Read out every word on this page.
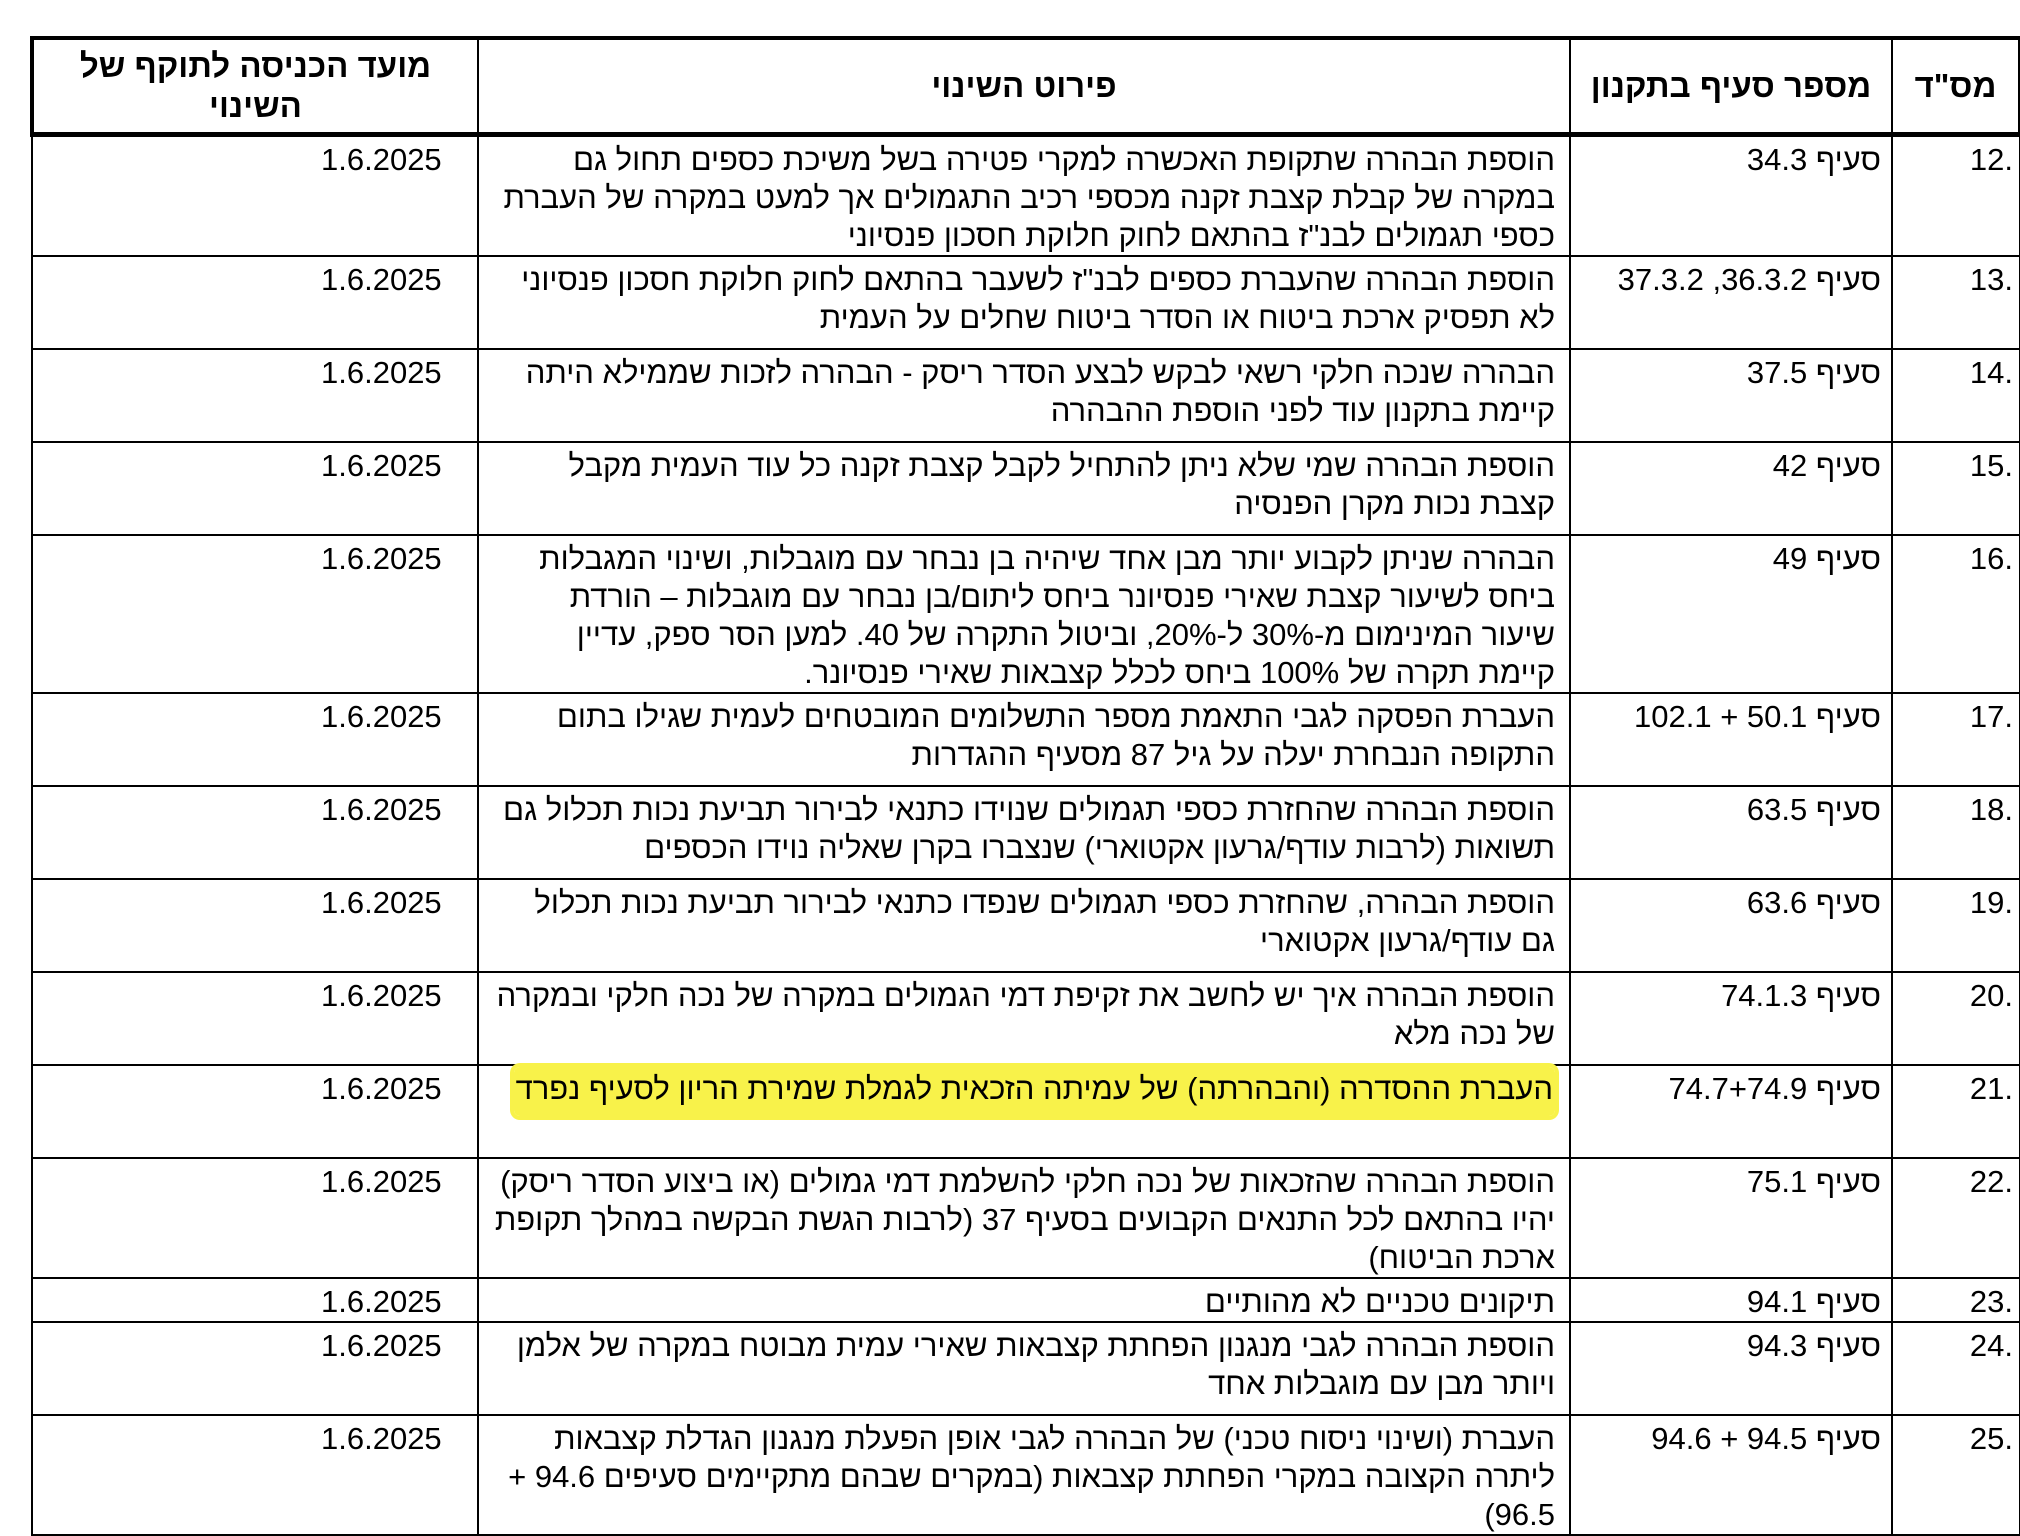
מס"ד	מספר סעיף בתקנון	פירוט השינוי	מועד הכניסה לתוקף של השינוי
12.	סעיף 34.3	הוספת הבהרה שתקופת האכשרה למקרי פטירה בשל משיכת כספים תחול גם במקרה של קבלת קצבת זקנה מכספי רכיב התגמולים אך למעט במקרה של העברת כספי תגמולים לבנ"ז בהתאם לחוק חלוקת חסכון פנסיוני	1.6.2025
13.	סעיף 36.3.2, 37.3.2	הוספת הבהרה שהעברת כספים לבנ"ז לשעבר בהתאם לחוק חלוקת חסכון פנסיוני לא תפסיק ארכת ביטוח או הסדר ביטוח שחלים על העמית	1.6.2025
14.	סעיף 37.5	הבהרה שנכה חלקי רשאי לבקש לבצע הסדר ריסק - הבהרה לזכות שממילא היתה קיימת בתקנון עוד לפני הוספת ההבהרה	1.6.2025
15.	סעיף 42	הוספת הבהרה שמי שלא ניתן להתחיל לקבל קצבת זקנה כל עוד העמית מקבל קצבת נכות מקרן הפנסיה	1.6.2025
16.	סעיף 49	הבהרה שניתן לקבוע יותר מבן אחד שיהיה בן נבחר עם מוגבלות, ושינוי המגבלות ביחס לשיעור קצבת שאירי פנסיונר ביחס ליתום/בן נבחר עם מוגבלות – הורדת שיעור המינימום מ-30% ל-20%, וביטול התקרה של 40. למען הסר ספק, עדיין קיימת תקרה של 100% ביחס לכלל קצבאות שאירי פנסיונר.	1.6.2025
17.	סעיף 50.1 + 102.1	העברת הפסקה לגבי התאמת מספר התשלומים המובטחים לעמית שגילו בתום התקופה הנבחרת יעלה על גיל 87 מסעיף ההגדרות	1.6.2025
18.	סעיף 63.5	הוספת הבהרה שהחזרת כספי תגמולים שנוידו כתנאי לבירור תביעת נכות תכלול גם תשואות (לרבות עודף/גרעון אקטוארי) שנצברו בקרן שאליה נוידו הכספים	1.6.2025
19.	סעיף 63.6	הוספת הבהרה, שהחזרת כספי תגמולים שנפדו כתנאי לבירור תביעת נכות תכלול גם עודף/גרעון אקטוארי	1.6.2025
20.	סעיף 74.1.3	הוספת הבהרה איך יש לחשב את זקיפת דמי הגמולים במקרה של נכה חלקי ובמקרה של נכה מלא	1.6.2025
21.	סעיף 74.7+74.9	העברת ההסדרה (והבהרתה) של עמיתה הזכאית לגמלת שמירת הריון לסעיף נפרד	1.6.2025
22.	סעיף 75.1	הוספת הבהרה שהזכאות של נכה חלקי להשלמת דמי גמולים (או ביצוע הסדר ריסק) יהיו בהתאם לכל התנאים הקבועים בסעיף 37 (לרבות הגשת הבקשה במהלך תקופת ארכת הביטוח)	1.6.2025
23.	סעיף 94.1	תיקונים טכניים לא מהותיים	1.6.2025
24.	סעיף 94.3	הוספת הבהרה לגבי מנגנון הפחתת קצבאות שאירי עמית מבוטח במקרה של אלמן ויותר מבן עם מוגבלות אחד	1.6.2025
25.	סעיף 94.5 + 94.6	העברת (ושינוי ניסוח טכני) של הבהרה לגבי אופן הפעלת מנגנון הגדלת קצבאות ליתרה הקצובה במקרי הפחתת קצבאות (במקרים שבהם מתקיימים סעיפים 94.6 + 96.5)	1.6.2025
